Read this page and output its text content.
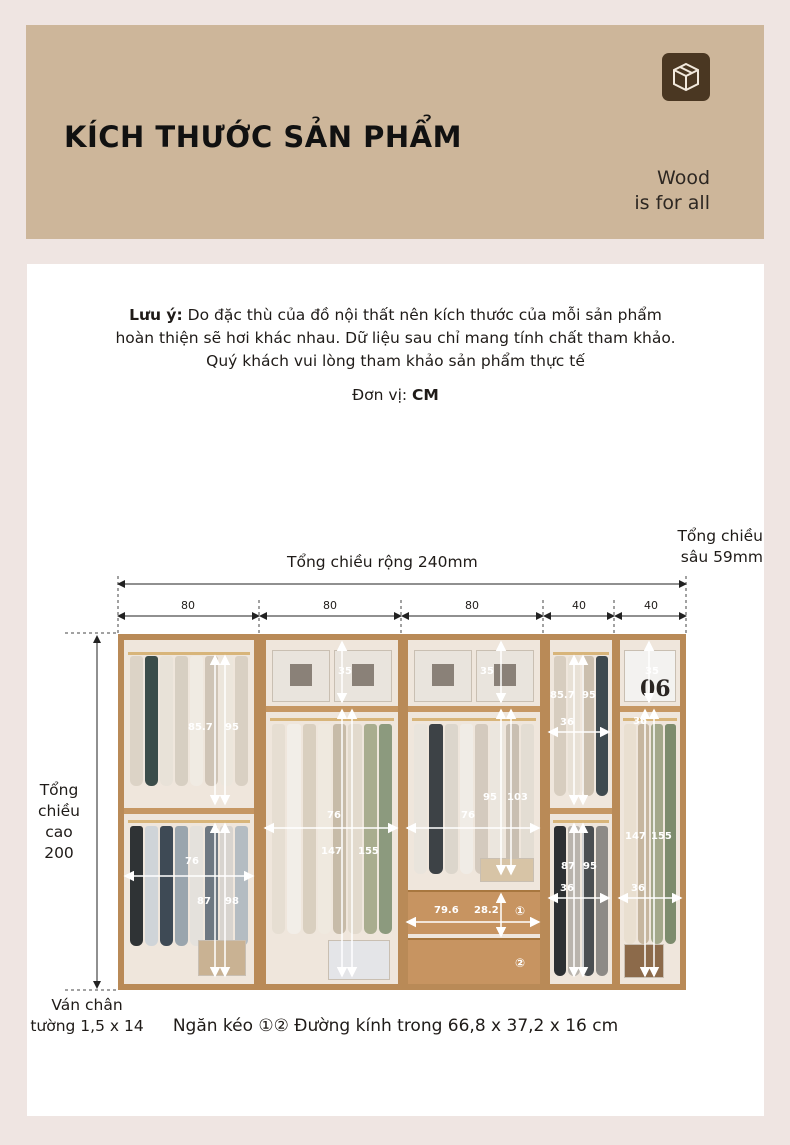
KÍCH THƯỚC SẢN PHẨM
Wood
is for all
Lưu ý: Do đặc thù của đồ nội thất nên kích thước của mỗi sản phẩm
hoàn thiện sẽ hơi khác nhau. Dữ liệu sau chỉ mang tính chất tham khảo.
Quý khách vui lòng tham khảo sản phẩm thực tế
Đơn vị: CM
Tổng chiều rộng 240mm
Tổng chiều
sâu 59mm
80	80	80	40	40
Tổng
chiều
cao
200
Ván chân
tường 1,5 x 14
06
85.7 95
76
87 98
35
76
147 155
35
76
95 103
79.6 28.2 ①
②
85.7 95
36
87 95
36
35
36
147 155
36
Ngăn kéo ①② Đường kính trong 66,8 x 37,2 x 16 cm
